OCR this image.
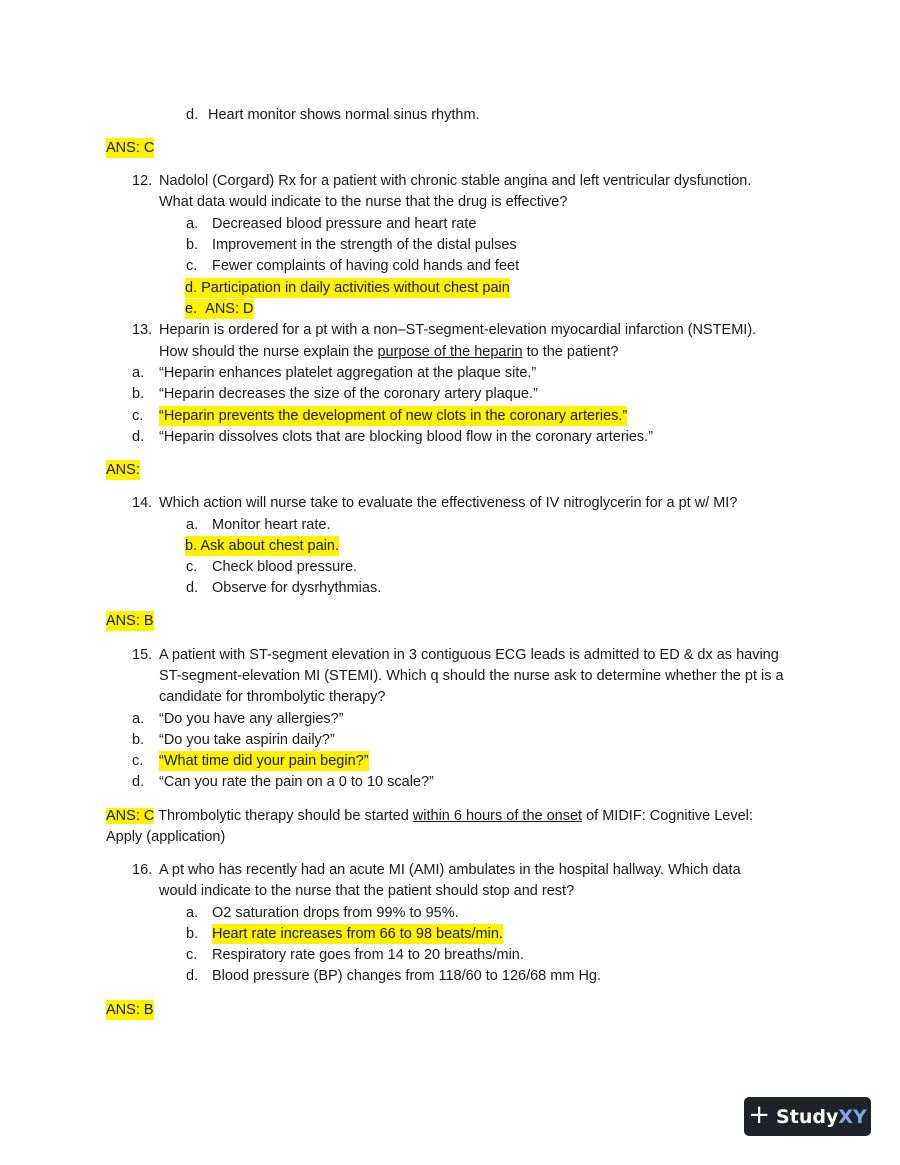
d. Heart monitor shows normal sinus rhythm.
ANS: C
12. Nadolol (Corgard) Rx for a patient with chronic stable angina and left ventricular dysfunction.
What data would indicate to the nurse that the drug is effective?
a. Decreased blood pressure and heart rate
b. Improvement in the strength of the distal pulses
c. Fewer complaints of having cold hands and feet
d. Participation in daily activities without chest pain
e. ANS: D
13. Heparin is ordered for a pt with a non–ST-segment-elevation myocardial infarction (NSTEMI).
How should the nurse explain the purpose of the heparin to the patient?
a. “Heparin enhances platelet aggregation at the plaque site.”
b. “Heparin decreases the size of the coronary artery plaque.”
c. “Heparin prevents the development of new clots in the coronary arteries.”
d. “Heparin dissolves clots that are blocking blood flow in the coronary arteries.”
ANS:
14. Which action will nurse take to evaluate the effectiveness of IV nitroglycerin for a pt w/ MI?
a. Monitor heart rate.
b. Ask about chest pain.
c. Check blood pressure.
d. Observe for dysrhythmias.
ANS: B
15. A patient with ST-segment elevation in 3 contiguous ECG leads is admitted to ED & dx as having
ST-segment-elevation MI (STEMI). Which q should the nurse ask to determine whether the pt is a
candidate for thrombolytic therapy?
a. “Do you have any allergies?”
b. “Do you take aspirin daily?”
c. “What time did your pain begin?”
d. “Can you rate the pain on a 0 to 10 scale?”
ANS: C Thrombolytic therapy should be started within 6 hours of the onset of MIDIF: Cognitive Level:
Apply (application)
16. A pt who has recently had an acute MI (AMI) ambulates in the hospital hallway. Which data
would indicate to the nurse that the patient should stop and rest?
a. O2 saturation drops from 99% to 95%.
b. Heart rate increases from 66 to 98 beats/min.
c. Respiratory rate goes from 14 to 20 breaths/min.
d. Blood pressure (BP) changes from 118/60 to 126/68 mm Hg.
ANS: B
+ StudyXY
